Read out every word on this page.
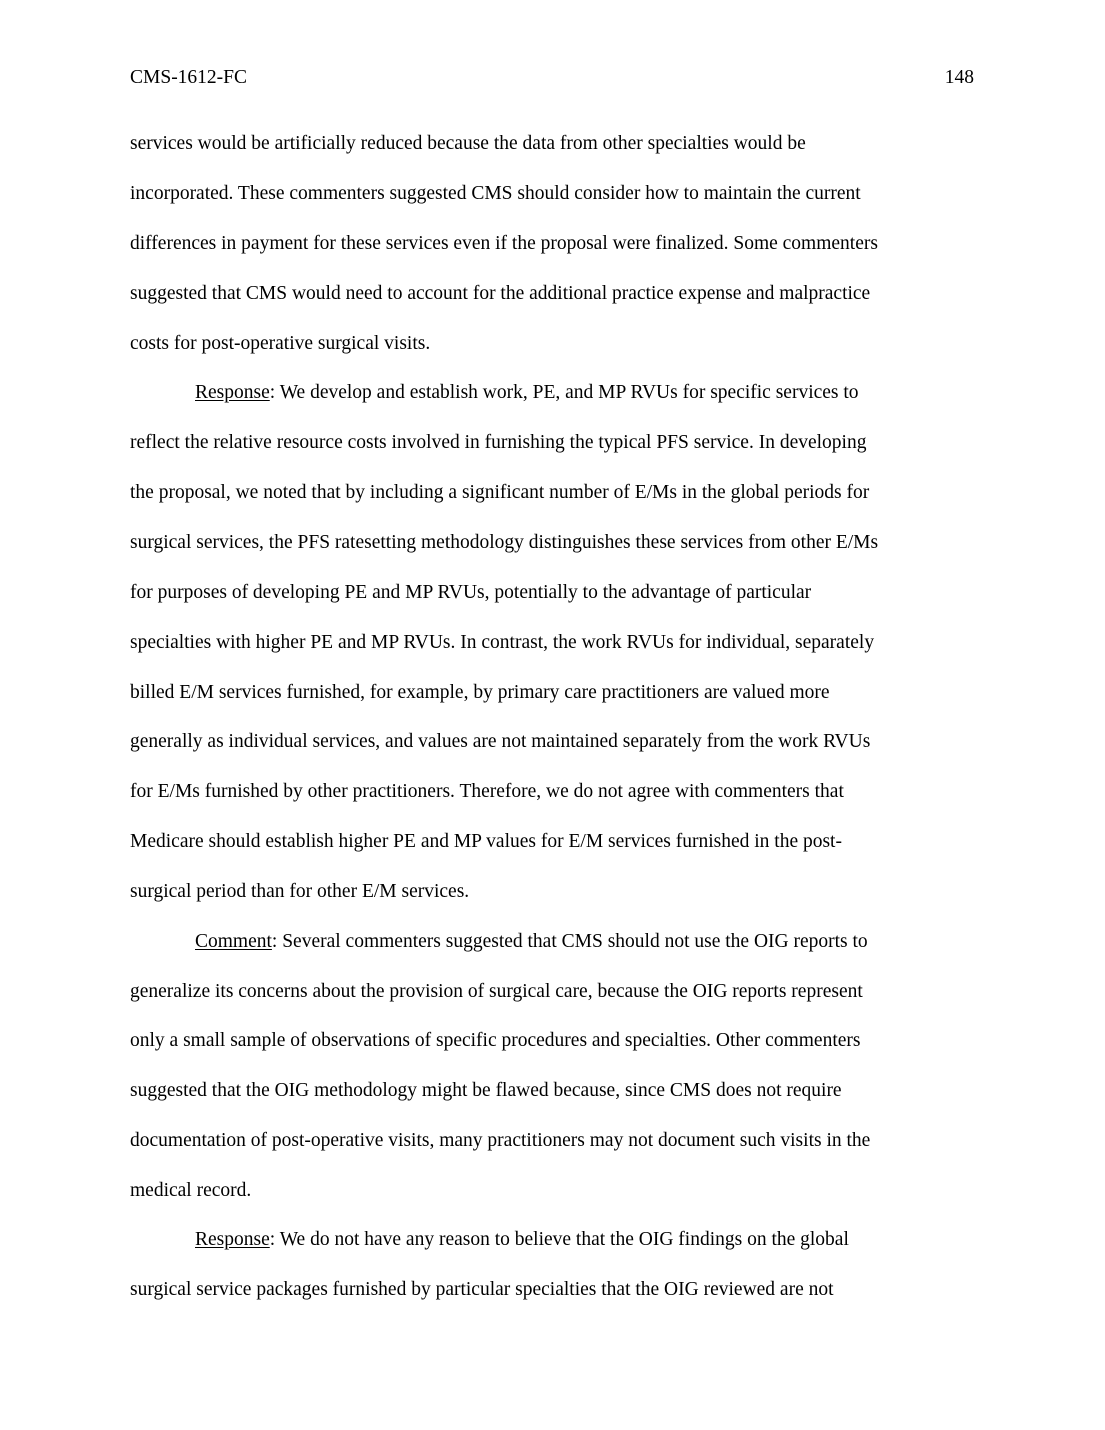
CMS-1612-FC	148
services would be artificially reduced because the data from other specialties would be
incorporated. These commenters suggested CMS should consider how to maintain the current
differences in payment for these services even if the proposal were finalized. Some commenters
suggested that CMS would need to account for the additional practice expense and malpractice
costs for post-operative surgical visits.
Response: We develop and establish work, PE, and MP RVUs for specific services to
reflect the relative resource costs involved in furnishing the typical PFS service. In developing
the proposal, we noted that by including a significant number of E/Ms in the global periods for
surgical services, the PFS ratesetting methodology distinguishes these services from other E/Ms
for purposes of developing PE and MP RVUs, potentially to the advantage of particular
specialties with higher PE and MP RVUs. In contrast, the work RVUs for individual, separately
billed E/M services furnished, for example, by primary care practitioners are valued more
generally as individual services, and values are not maintained separately from the work RVUs
for E/Ms furnished by other practitioners. Therefore, we do not agree with commenters that
Medicare should establish higher PE and MP values for E/M services furnished in the post-
surgical period than for other E/M services.
Comment: Several commenters suggested that CMS should not use the OIG reports to
generalize its concerns about the provision of surgical care, because the OIG reports represent
only a small sample of observations of specific procedures and specialties. Other commenters
suggested that the OIG methodology might be flawed because, since CMS does not require
documentation of post-operative visits, many practitioners may not document such visits in the
medical record.
Response: We do not have any reason to believe that the OIG findings on the global
surgical service packages furnished by particular specialties that the OIG reviewed are not
